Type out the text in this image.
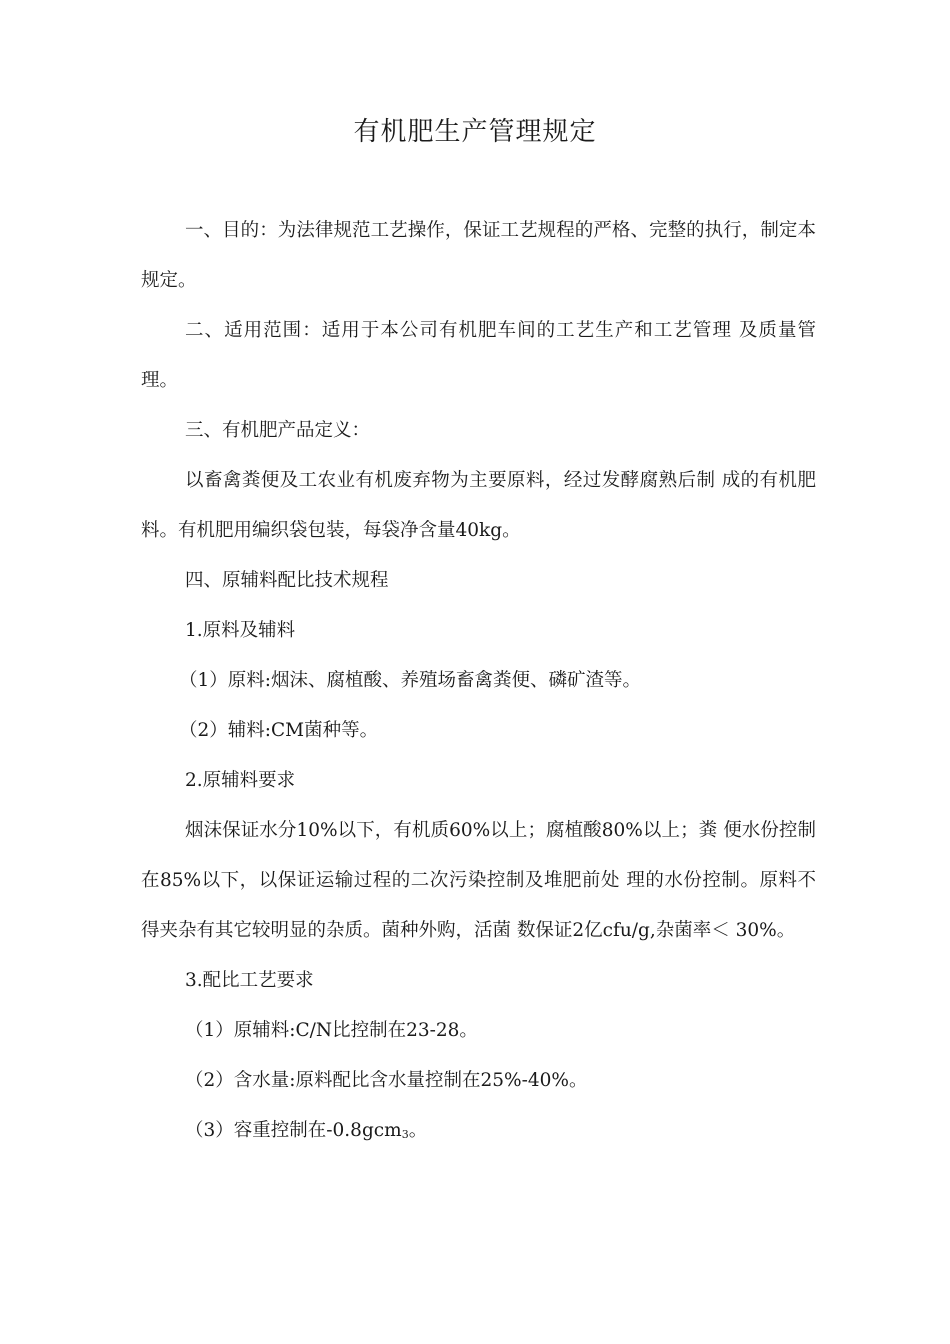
有机肥生产管理规定

一、目的：为法律规范工艺操作，保证工艺规程的严格、完整的执行，制定本规定。

二、适用范围：适用于本公司有机肥车间的工艺生产和工艺管理 及质量管理。

三、有机肥产品定义：

以畜禽粪便及工农业有机废弃物为主要原料，经过发酵腐熟后制 成的有机肥料。有机肥用编织袋包装，每袋净含量40kg。

四、原辅料配比技术规程

1.原料及辅料

（1）原料:烟沫、腐植酸、养殖场畜禽粪便、磷矿渣等。

（2）辅料:CM菌种等。

2.原辅料要求

烟沫保证水分10%以下，有机质60%以上；腐植酸80%以上；粪 便水份控制在85%以下，以保证运输过程的二次污染控制及堆肥前处 理的水份控制。原料不得夹杂有其它较明显的杂质。菌种外购，活菌 数保证2亿cfu/g,杂菌率＜ 30%。

3.配比工艺要求

（1）原辅料:C/N比控制在23-28。

（2）含水量:原料配比含水量控制在25%-40%。

（3）容重控制在-0.8gcm3。
